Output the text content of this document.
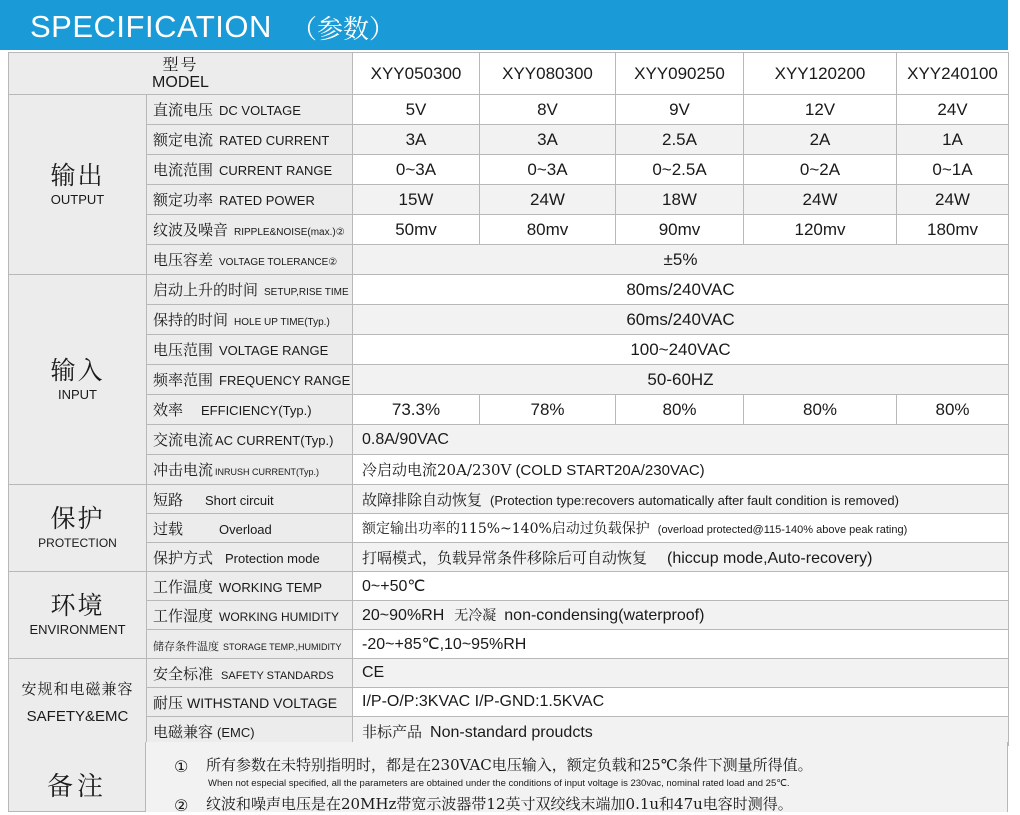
SPECIFICATION （参数）
型号
MODEL		XYY050300	XYY080300	XYY090250	XYY120200	XYY240100

输出
OUTPUT	直流电压 DC VOLTAGE	5V	8V	9V	12V	24V
	额定电流 RATED CURRENT	3A	3A	2.5A	2A	1A
	电流范围 CURRENT RANGE	0~3A	0~3A	0~2.5A	0~2A	0~1A
	额定功率 RATED POWER	15W	24W	18W	24W	24W
	纹波及噪音 RIPPLE&NOISE(max.)②	50mv	80mv	90mv	120mv	180mv
	电压容差 VOLTAGE TOLERANCE②	±5%				

输入
INPUT	启动上升的时间 SETUP,RISE TIME	80ms/240VAC				
	保持的时间 HOLE UP TIME(Typ.)	60ms/240VAC				
	电压范围 VOLTAGE RANGE	100~240VAC				
	频率范围 FREQUENCY RANGE	50-60HZ				
	效率 EFFICIENCY(Typ.)	73.3%	78%	80%	80%	80%
	交流电流 AC CURRENT(Typ.)	0.8A/90VAC				
	冲击电流 INRUSH CURRENT(Typ.)	冷启动电流20A/230V (COLD START20A/230VAC)				

保护
PROTECTION	短路 Short circuit	故障排除自动恢复 (Protection type:recovers automatically after fault condition is removed)				
	过载 Overload	额定输出功率的115%~140%启动过负载保护 (overload protected@115-140% above peak rating)				
	保护方式 Protection mode	打嗝模式，负载异常条件移除后可自动恢复 (hiccup mode,Auto-recovery)				

环境
ENVIRONMENT	工作温度 WORKING TEMP	0~+50℃				
	工作湿度 WORKING HUMIDITY	20~90%RH 无冷凝 non-condensing(waterproof)				
	储存条件温度 STORAGE TEMP.,HUMIDITY	-20~+85℃,10~95%RH				

安规和电磁兼容
SAFETY&EMC	安全标准 SAFETY STANDARDS	CE				
	耐压 WITHSTAND VOLTAGE	I/P-O/P:3KVAC I/P-GND:1.5KVAC				
	电磁兼容 (EMC)	非标产品 Non-standard proudcts				
备注
① 所有参数在未特别指明时，都是在230VAC电压输入，额定负载和25℃条件下测量所得值。
When not especial specified, all the parameters are obtained under the conditions of input voltage is 230vac, nominal rated load and 25℃.
② 纹波和噪声电压是在20MHz带宽示波器带12英寸双绞线末端加0.1u和47u电容时测得。
